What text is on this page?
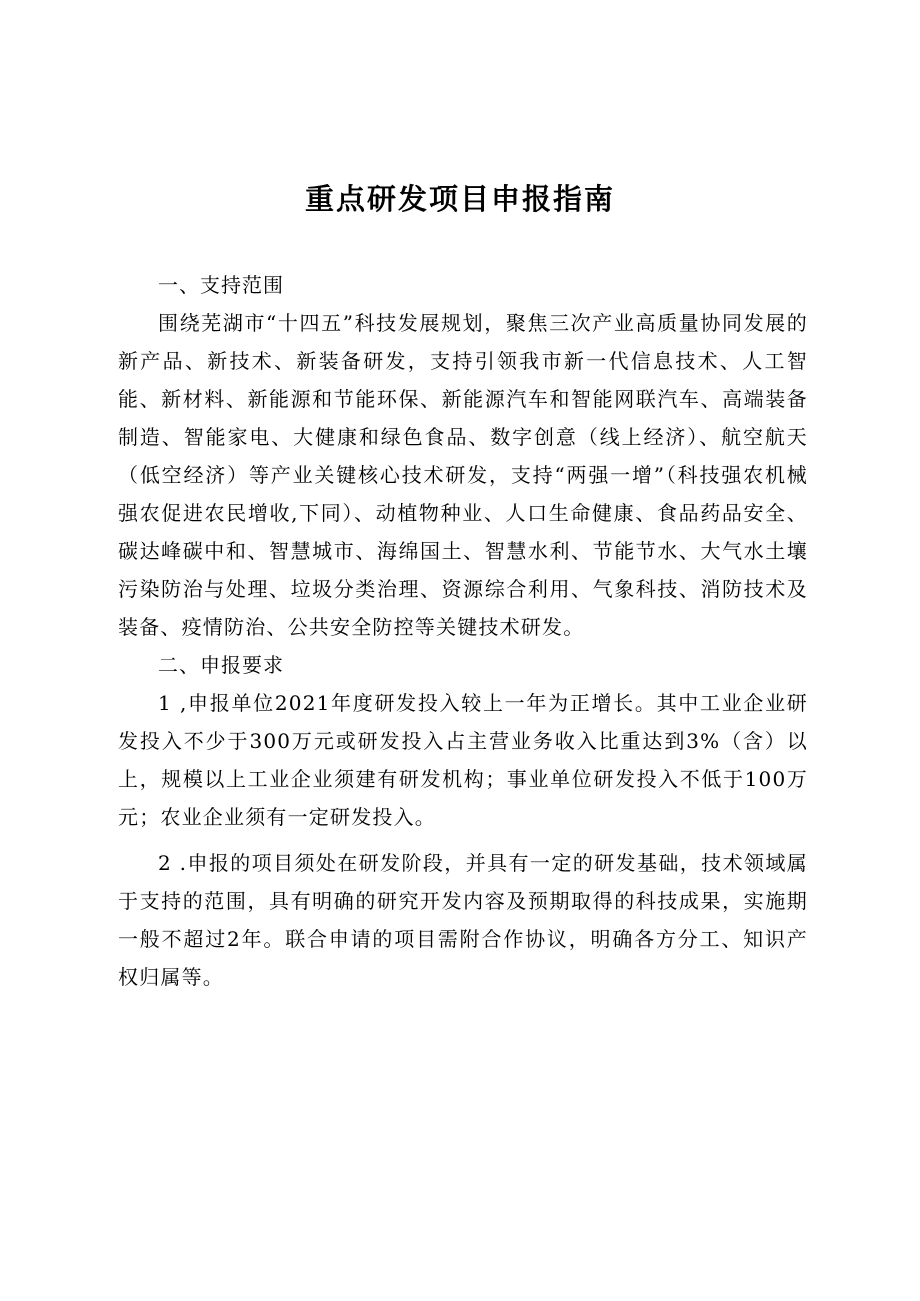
重点研发项目申报指南

一、支持范围

围绕芜湖市“十四五”科技发展规划，聚焦三次产业高质量协同发展的新产品、新技术、新装备研发，支持引领我市新一代信息技术、人工智能、新材料、新能源和节能环保、新能源汽车和智能网联汽车、高端装备制造、智能家电、大健康和绿色食品、数字创意（线上经济）、航空航天（低空经济）等产业关键核心技术研发，支持“两强一增”（科技强农机械强农促进农民增收,下同）、动植物种业、人口生命健康、食品药品安全、碳达峰碳中和、智慧城市、海绵国土、智慧水利、节能节水、大气水土壤污染防治与处理、垃圾分类治理、资源综合利用、气象科技、消防技术及装备、疫情防治、公共安全防控等关键技术研发。

二、申报要求

1 ,申报单位2021年度研发投入较上一年为正增长。其中工业企业研发投入不少于300万元或研发投入占主营业务收入比重达到3%（含）以上，规模以上工业企业须建有研发机构；事业单位研发投入不低于100万元；农业企业须有一定研发投入。

2 .申报的项目须处在研发阶段，并具有一定的研发基础，技术领域属于支持的范围，具有明确的研究开发内容及预期取得的科技成果，实施期一般不超过2年。联合申请的项目需附合作协议，明确各方分工、知识产权归属等。
